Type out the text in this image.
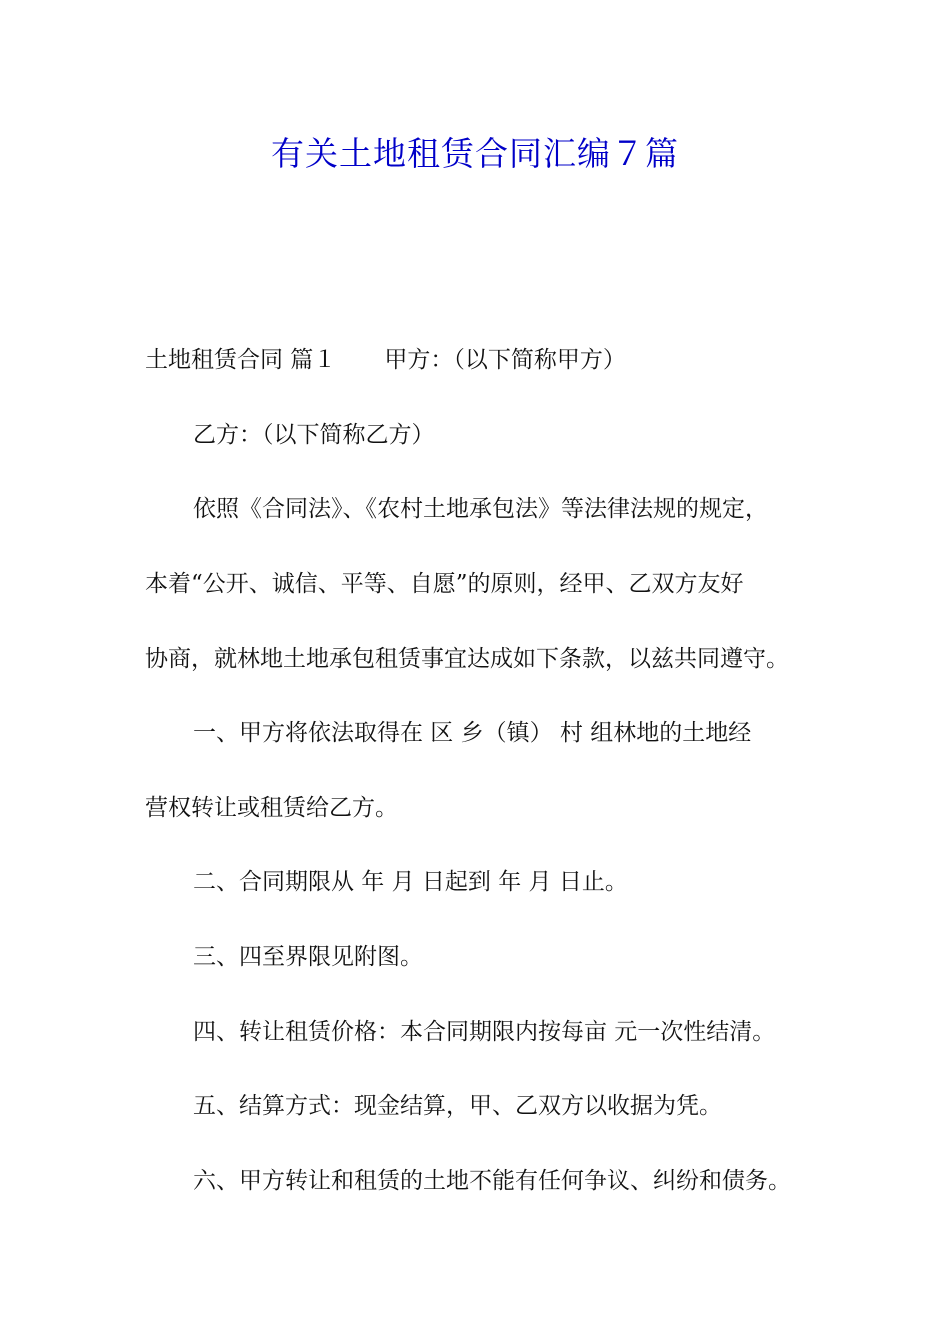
有关土地租赁合同汇编７篇

土地租赁合同 篇１ 甲方：（以下简称甲方）

乙方：（以下简称乙方）

依照《合同法》、《农村土地承包法》等法律法规的规定，

本着“公开、诚信、平等、自愿”的原则，经甲、乙双方友好

协商，就林地土地承包租赁事宜达成如下条款，以兹共同遵守。

一、甲方将依法取得在 区 乡（镇） 村 组林地的土地经

营权转让或租赁给乙方。

二、合同期限从 年 月 日起到 年 月 日止。

三、四至界限见附图。

四、转让租赁价格：本合同期限内按每亩 元一次性结清。

五、结算方式：现金结算，甲、乙双方以收据为凭。

六、甲方转让和租赁的土地不能有任何争议、纠纷和债务。
